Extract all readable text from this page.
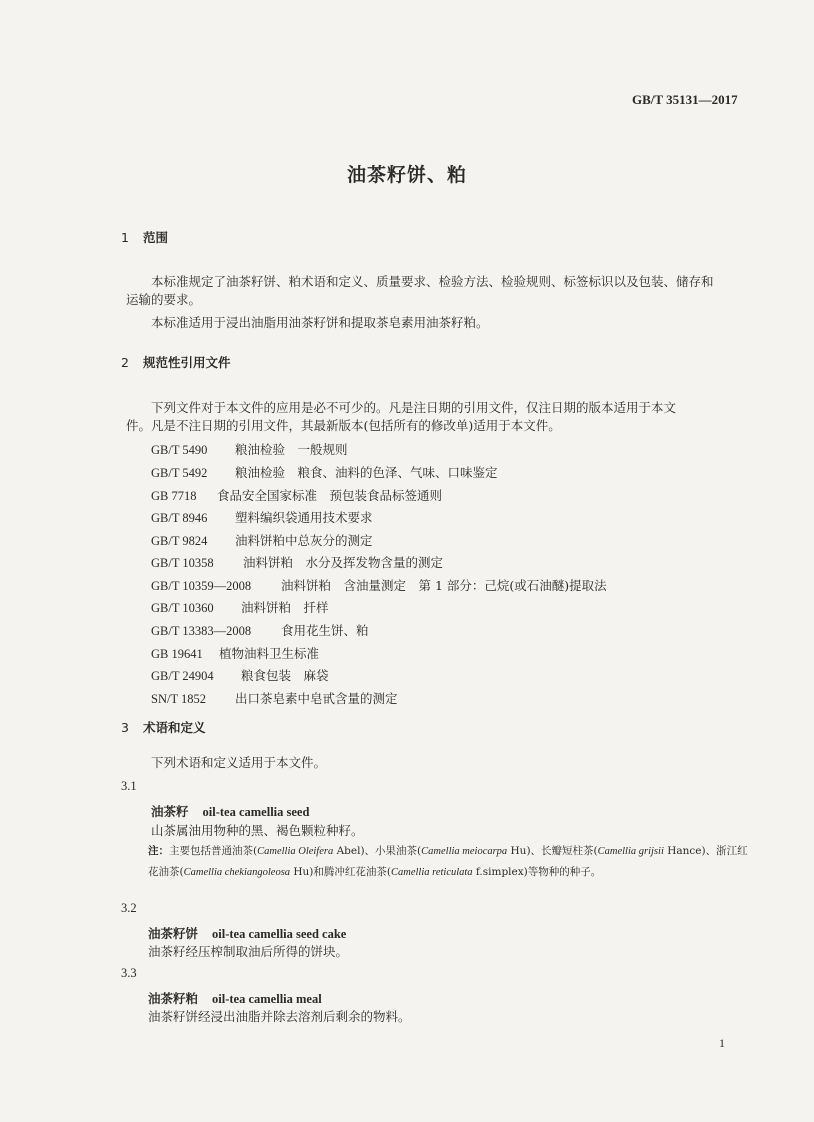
GB/T 35131—2017
油茶籽饼、粕
1 范围
本标准规定了油茶籽饼、粕术语和定义、质量要求、检验方法、检验规则、标签标识以及包装、储存和
运输的要求。
本标准适用于浸出油脂用油茶籽饼和提取茶皂素用油茶籽粕。
2 规范性引用文件
下列文件对于本文件的应用是必不可少的。凡是注日期的引用文件，仅注日期的版本适用于本文
件。凡是不注日期的引用文件，其最新版本(包括所有的修改单)适用于本文件。
GB/T 5490 粮油检验　一般规则
GB/T 5492 粮油检验　粮食、油料的色泽、气味、口味鉴定
GB 7718 食品安全国家标准　预包装食品标签通则
GB/T 8946 塑料编织袋通用技术要求
GB/T 9824 油料饼粕中总灰分的测定
GB/T 10358 油料饼粕　水分及挥发物含量的测定
GB/T 10359—2008 油料饼粕　含油量测定　第 1 部分：己烷(或石油醚)提取法
GB/T 10360 油料饼粕　扦样
GB/T 13383—2008 食用花生饼、粕
GB 19641 植物油料卫生标准
GB/T 24904 粮食包装　麻袋
SN/T 1852 出口茶皂素中皂甙含量的测定
3 术语和定义
下列术语和定义适用于本文件。
3.1
油茶籽 oil-tea camellia seed
山茶属油用物种的黑、褐色颗粒种籽。
注：主要包括普通油茶(Camellia Oleifera Abel)、小果油茶(Camellia meiocarpa Hu)、长瓣短柱茶(Camellia grijsii Hance)、浙江红花油茶(Camellia chekiangoleosa Hu)和腾冲红花油茶(Camellia reticulata f.simplex)等物种的种子。
3.2
油茶籽饼 oil-tea camellia seed cake
油茶籽经压榨制取油后所得的饼块。
3.3
油茶籽粕 oil-tea camellia meal
油茶籽饼经浸出油脂并除去溶剂后剩余的物料。
1
